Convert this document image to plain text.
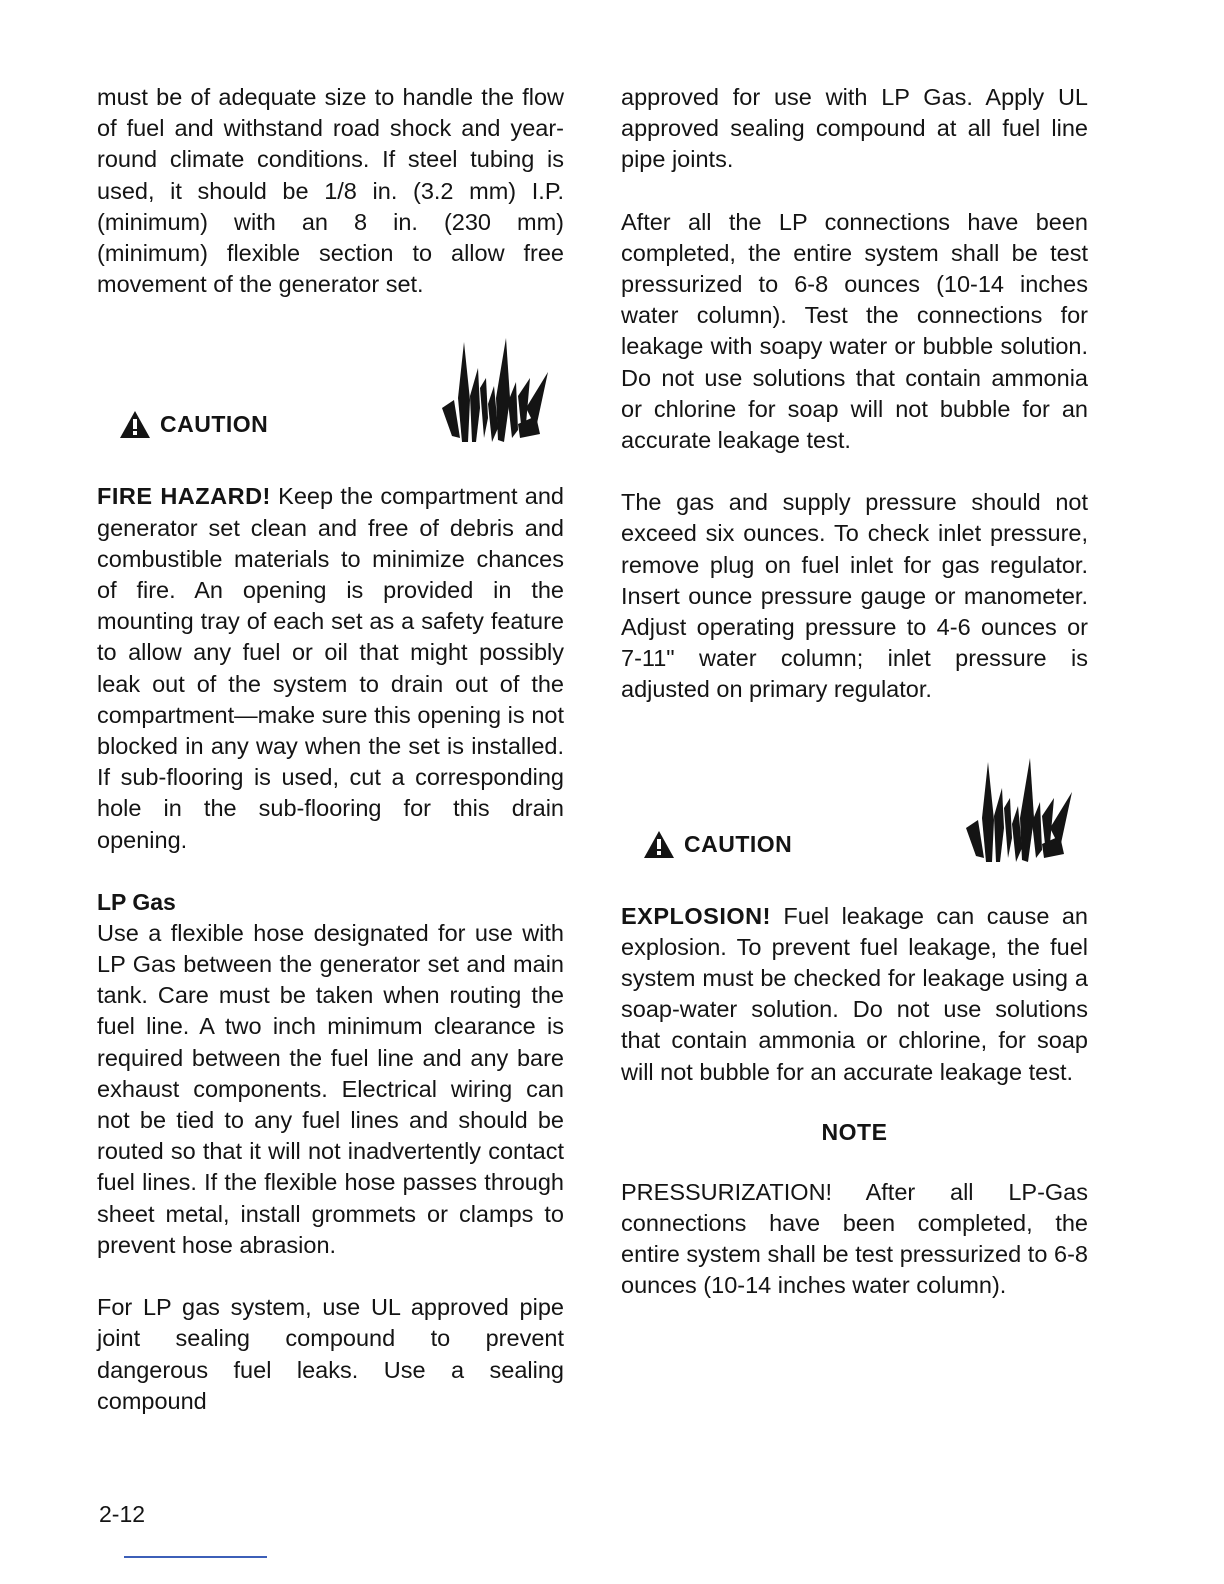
must be of adequate size to handle the flow of fuel and withstand road shock and year-round climate conditions. If steel tubing is used, it should be 1/8 in. (3.2 mm) I.P. (minimum) with an 8 in. (230 mm) (minimum) flexible section to allow free movement of the generator set.

CAUTION

FIRE HAZARD! Keep the compartment and generator set clean and free of debris and combustible materials to minimize chances of fire. An opening is provided in the mounting tray of each set as a safety feature to allow any fuel or oil that might possibly leak out of the system to drain out of the compartment—make sure this opening is not blocked in any way when the set is installed. If sub-flooring is used, cut a corresponding hole in the sub-flooring for this drain opening.

LP Gas

Use a flexible hose designated for use with LP Gas between the generator set and main tank. Care must be taken when routing the fuel line. A two inch minimum clearance is required between the fuel line and any bare exhaust components. Electrical wiring can not be tied to any fuel lines and should be routed so that it will not inadvertently contact fuel lines. If the flexible hose passes through sheet metal, install grommets or clamps to prevent hose abrasion.

For LP gas system, use UL approved pipe joint sealing compound to prevent dangerous fuel leaks. Use a sealing compound

approved for use with LP Gas. Apply UL approved sealing compound at all fuel line pipe joints.

After all the LP connections have been completed, the entire system shall be test pressurized to 6-8 ounces (10-14 inches water column). Test the connections for leakage with soapy water or bubble solution. Do not use solutions that contain ammonia or chlorine for soap will not bubble for an accurate leakage test.

The gas and supply pressure should not exceed six ounces. To check inlet pressure, remove plug on fuel inlet for gas regulator. Insert ounce pressure gauge or manometer. Adjust operating pressure to 4-6 ounces or 7-11" water column; inlet pressure is adjusted on primary regulator.

CAUTION

EXPLOSION! Fuel leakage can cause an explosion. To prevent fuel leakage, the fuel system must be checked for leakage using a soap-water solution. Do not use solutions that contain ammonia or chlorine, for soap will not bubble for an accurate leakage test.

NOTE

PRESSURIZATION! After all LP-Gas connections have been completed, the entire system shall be test pressurized to 6-8 ounces (10-14 inches water column).

2-12
